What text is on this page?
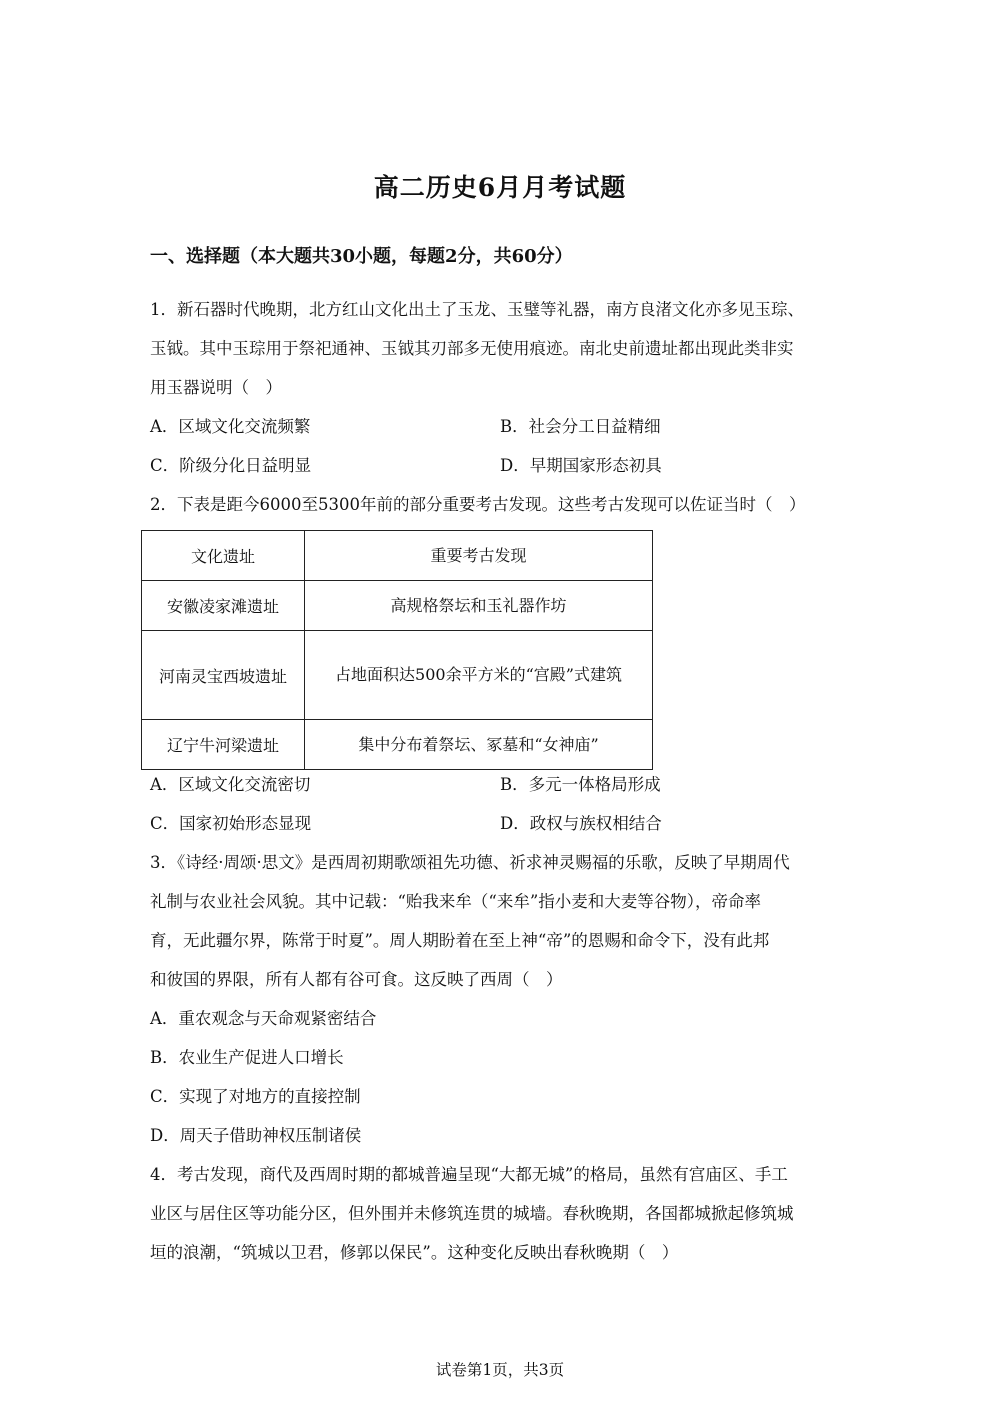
高二历史6月月考试题
一、选择题（本大题共30小题，每题2分，共60分）
1．新石器时代晚期，北方红山文化出土了玉龙、玉璧等礼器，南方良渚文化亦多见玉琮、
玉钺。其中玉琮用于祭祀通神、玉钺其刃部多无使用痕迹。南北史前遗址都出现此类非实
用玉器说明（　）
A．区域文化交流频繁	B．社会分工日益精细
C．阶级分化日益明显	D．早期国家形态初具
2．下表是距今6000至5300年前的部分重要考古发现。这些考古发现可以佐证当时（　）
文化遗址	重要考古发现
安徽凌家滩遗址	高规格祭坛和玉礼器作坊
河南灵宝西坡遗址	占地面积达500余平方米的“宫殿”式建筑
辽宁牛河梁遗址	集中分布着祭坛、冢墓和“女神庙”
A．区域文化交流密切	B．多元一体格局形成
C．国家初始形态显现	D．政权与族权相结合
3．《诗经·周颂·思文》是西周初期歌颂祖先功德、祈求神灵赐福的乐歌，反映了早期周代
礼制与农业社会风貌。其中记载：“贻我来牟（“来牟”指小麦和大麦等谷物），帝命率
育，无此疆尔界，陈常于时夏”。周人期盼着在至上神“帝”的恩赐和命令下，没有此邦
和彼国的界限，所有人都有谷可食。这反映了西周（　）
A．重农观念与天命观紧密结合
B．农业生产促进人口增长
C．实现了对地方的直接控制
D．周天子借助神权压制诸侯
4．考古发现，商代及西周时期的都城普遍呈现“大都无城”的格局，虽然有宫庙区、手工
业区与居住区等功能分区，但外围并未修筑连贯的城墙。春秋晚期，各国都城掀起修筑城
垣的浪潮，“筑城以卫君，修郭以保民”。这种变化反映出春秋晚期（　）
试卷第1页，共3页
